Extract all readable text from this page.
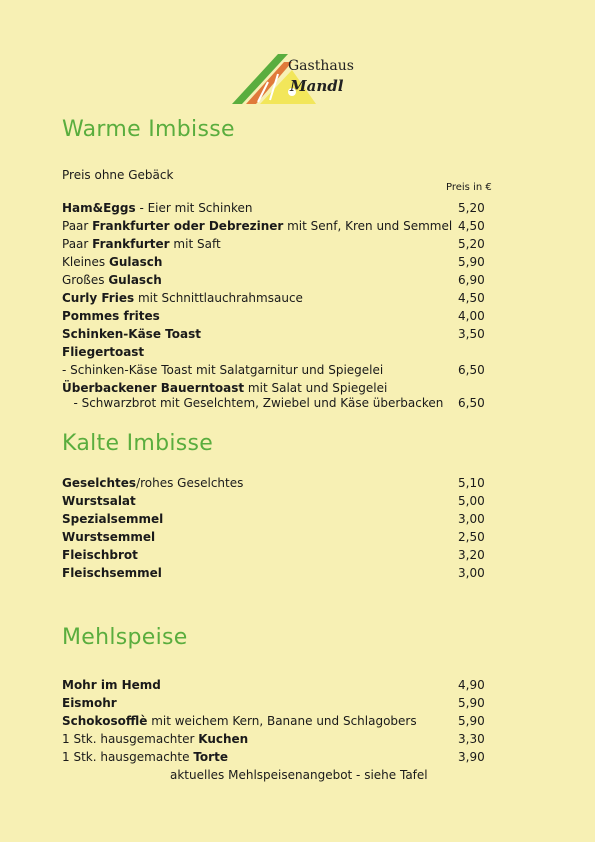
Gasthaus
Mandl
Warme Imbisse
Preis ohne Gebäck
Preis in €
Ham&Eggs - Eier mit Schinken	5,20
Paar Frankfurter oder Debreziner mit Senf, Kren und Semmel 4,50
Paar Frankfurter mit Saft	5,20
Kleines Gulasch	5,90
Großes Gulasch	6,90
Curly Fries mit Schnittlauchrahmsauce	4,50
Pommes frites	4,00
Schinken-Käse Toast	3,50
Fliegertoast
- Schinken-Käse Toast mit Salatgarnitur und Spiegelei	6,50
Überbackener Bauerntoast mit Salat und Spiegelei
- Schwarzbrot mit Geselchtem, Zwiebel und Käse überbacken 6,50
Kalte Imbisse
Geselchtes/rohes Geselchtes	5,10
Wurstsalat	5,00
Spezialsemmel	3,00
Wurstsemmel	2,50
Fleischbrot	3,20
Fleischsemmel	3,00
Mehlspeise
Mohr im Hemd	4,90
Eismohr	5,90
Schokosofflè mit weichem Kern, Banane und Schlagobers	5,90
1 Stk. hausgemachter Kuchen	3,30
1 Stk. hausgemachte Torte	3,90
aktuelles Mehlspeisenangebot - siehe Tafel
